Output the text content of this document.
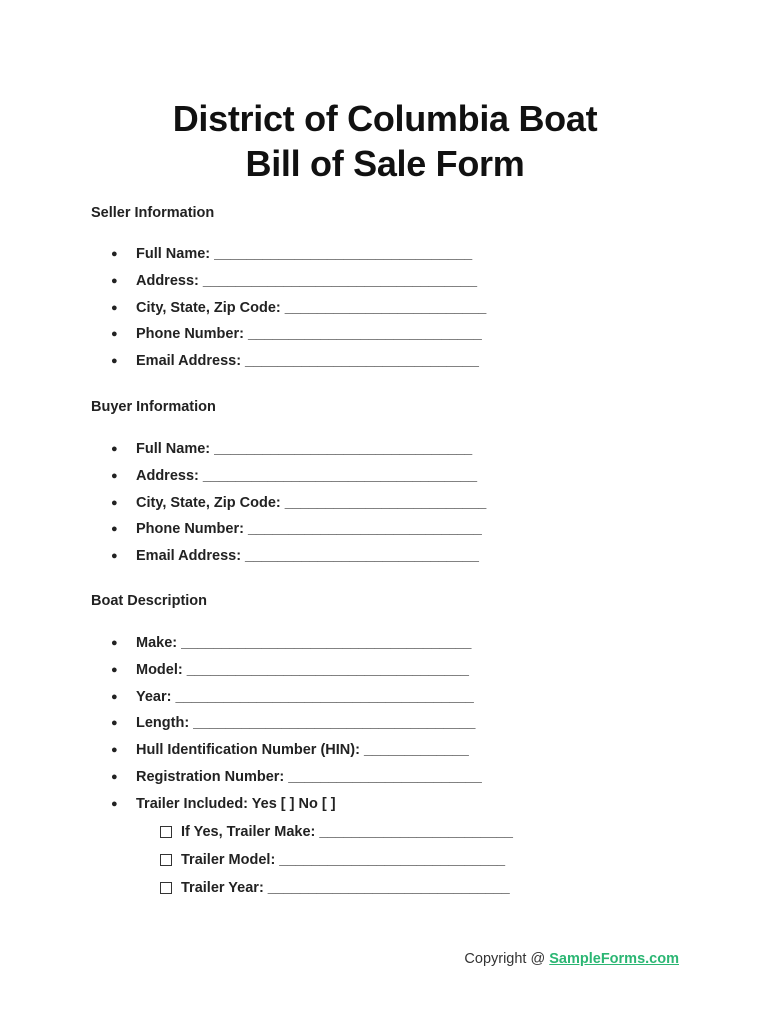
District of Columbia Boat
Bill of Sale Form
Seller Information
● Full Name: ________________________________
● Address: __________________________________
● City, State, Zip Code: _________________________
● Phone Number: _____________________________
● Email Address: _____________________________
Buyer Information
● Full Name: ________________________________
● Address: __________________________________
● City, State, Zip Code: _________________________
● Phone Number: _____________________________
● Email Address: _____________________________
Boat Description
● Make: ____________________________________
● Model: ___________________________________
● Year: _____________________________________
● Length: ___________________________________
● Hull Identification Number (HIN): _____________
● Registration Number: ________________________
● Trailer Included: Yes [ ] No [ ]
If Yes, Trailer Make: ________________________
Trailer Model: ____________________________
Trailer Year: ______________________________
Copyright @ SampleForms.com
